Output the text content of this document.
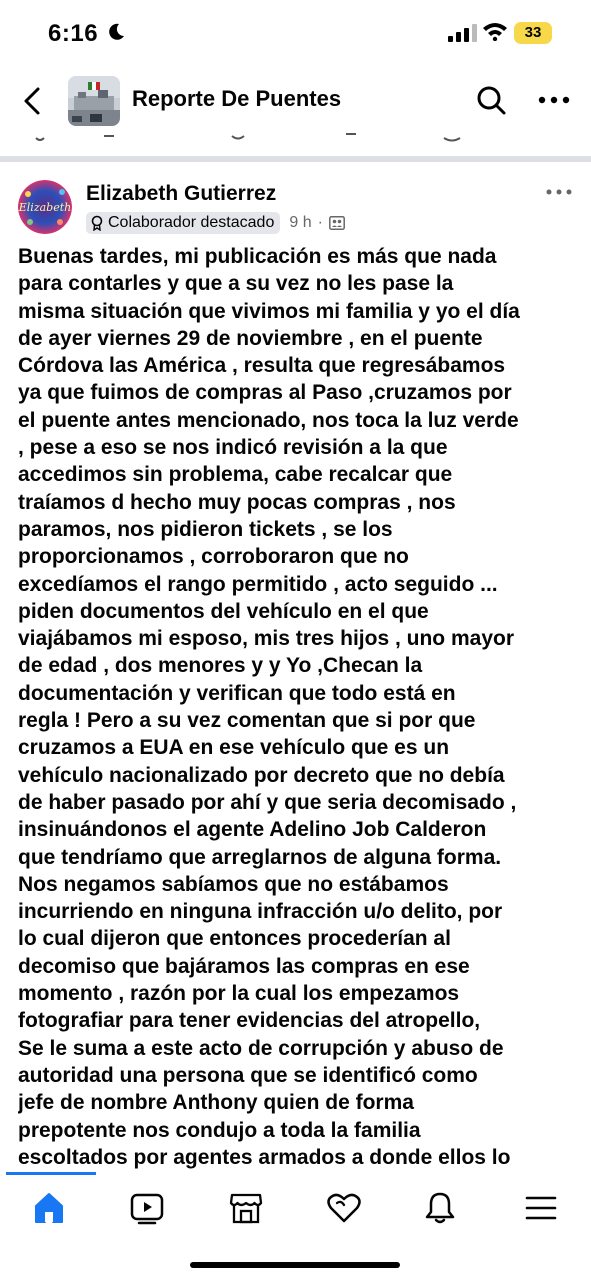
6:16	33
Reporte De Puentes
Elizabeth
Elizabeth Gutierrez
Colaborador destacado 9 h ·

Buenas tardes, mi publicación es más que nada

para contarles y que a su vez no les pase la

misma situación que vivimos mi familia y yo el día

de ayer viernes 29 de noviembre , en el puente

Córdova las América , resulta que regresábamos

ya que fuimos de compras al Paso ,cruzamos por

el puente antes mencionado, nos toca la luz verde

, pese a eso se nos indicó revisión a la que

accedimos sin problema, cabe recalcar que

traíamos d hecho muy pocas compras , nos

paramos, nos pidieron tickets , se los

proporcionamos , corroboraron que no

excedíamos el rango permitido , acto seguido ...

piden documentos del vehículo en el que

viajábamos mi esposo, mis tres hijos , uno mayor

de edad , dos menores y y Yo ,Checan la

documentación y verifican que todo está en

regla ! Pero a su vez comentan que si por que

cruzamos a EUA en ese vehículo que es un

vehículo nacionalizado por decreto que no debía

de haber pasado por ahí y que seria decomisado ,

insinuándonos el agente Adelino Job Calderon

que tendríamo que arreglarnos de alguna forma.

Nos negamos sabíamos que no estábamos

incurriendo en ninguna infracción u/o delito, por

lo cual dijeron que entonces procederían al

decomiso que bajáramos las compras en ese

momento , razón por la cual los empezamos

fotografiar para tener evidencias del atropello,

Se le suma a este acto de corrupción y abuso de

autoridad una persona que se identificó como

jefe de nombre Anthony quien de forma

prepotente nos condujo a toda la familia

escoltados por agentes armados a donde ellos lo
